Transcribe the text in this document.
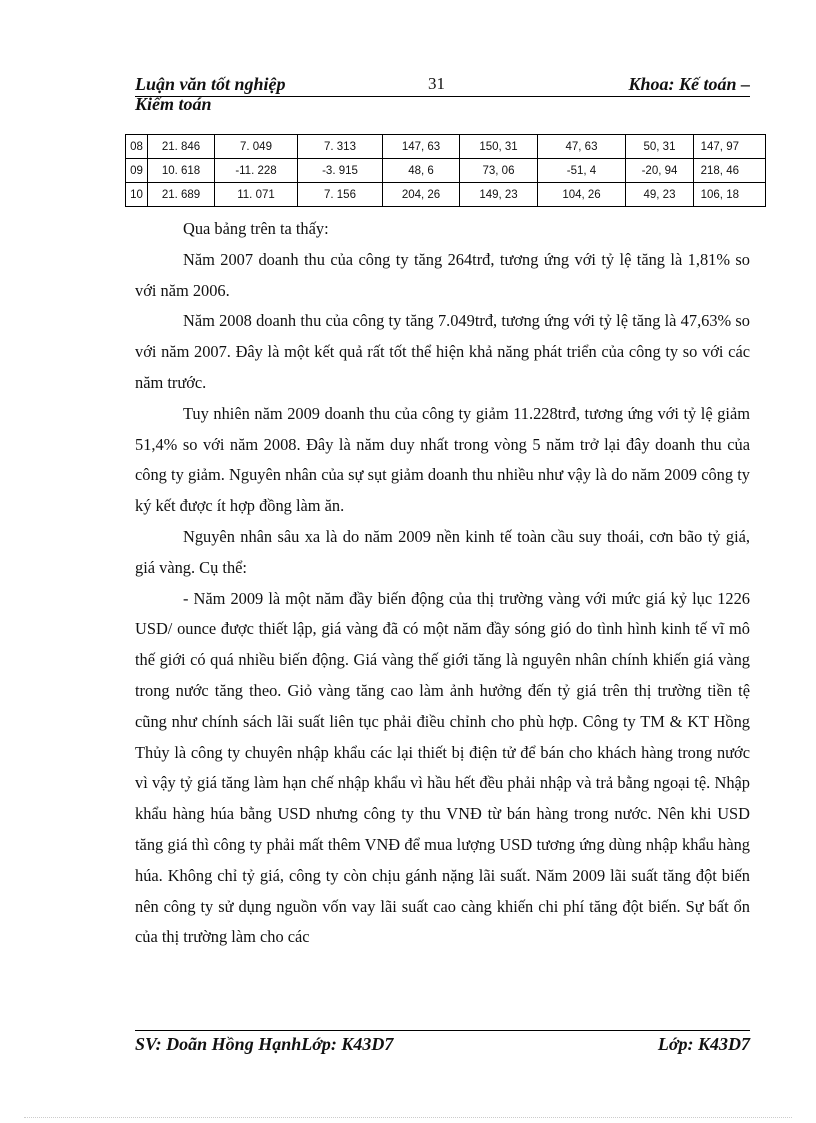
Luận văn tốt nghiệp	31	Khoa: Kế toán –
Kiểm toán
08	21. 846	7. 049	7. 313	147, 63	150, 31	47, 63	50, 31	147, 97
09	10. 618	-11. 228	-3. 915	48, 6	73, 06	-51, 4	-20, 94	218, 46
10	21. 689	11. 071	7. 156	204, 26	149, 23	104, 26	49, 23	106, 18

Qua bảng trên ta thấy:

Năm 2007 doanh thu của công ty tăng 264trđ, tương ứng với tỷ lệ tăng là 1,81% so với năm 2006.

Năm 2008 doanh thu của công ty tăng 7.049trđ, tương ứng với tỷ lệ tăng là 47,63% so với năm 2007. Đây là một kết quả rất tốt thể hiện khả năng phát triển của công ty so với các năm trước.

Tuy nhiên năm 2009 doanh thu của công ty giảm 11.228trđ, tương ứng với tỷ lệ giảm 51,4% so với năm 2008. Đây là năm duy nhất trong vòng 5 năm trở lại đây doanh thu của công ty giảm. Nguyên nhân của sự sụt giảm doanh thu nhiều như vậy là do năm 2009 công ty ký kết được ít hợp đồng làm ăn.

Nguyên nhân sâu xa là do năm 2009 nền kinh tế toàn cầu suy thoái, cơn bão tỷ giá, giá vàng. Cụ thể:

- Năm 2009 là một năm đầy biến động của thị trường vàng với mức giá kỷ lục 1226 USD/ ounce được thiết lập, giá vàng đã có một năm đầy sóng gió do tình hình kinh tế vĩ mô thế giới có quá nhiều biến động. Giá vàng thế giới tăng là nguyên nhân chính khiến giá vàng trong nước tăng theo. Giỏ vàng tăng cao làm ảnh hưởng đến tỷ giá trên thị trường tiền tệ cũng như chính sách lãi suất liên tục phải điều chỉnh cho phù hợp. Công ty TM & KT Hồng Thủy là công ty chuyên nhập khẩu các lại thiết bị điện tử để bán cho khách hàng trong nước vì vậy tỷ giá tăng làm hạn chế nhập khẩu vì hầu hết đều phải nhập và trả bằng ngoại tệ. Nhập khẩu hàng húa bằng USD nhưng công ty thu VNĐ từ bán hàng trong nước. Nên khi USD tăng giá thì công ty phải mất thêm VNĐ để mua lượng USD tương ứng dùng nhập khẩu hàng húa. Không chỉ tỷ giá, công ty còn chịu gánh nặng lãi suất. Năm 2009 lãi suất tăng đột biến nên công ty sử dụng nguồn vốn vay lãi suất cao càng khiến chi phí tăng đột biến. Sự bất ổn của thị trường làm cho các

SV: Doãn Hồng HạnhLớp: K43D7	Lớp: K43D7
